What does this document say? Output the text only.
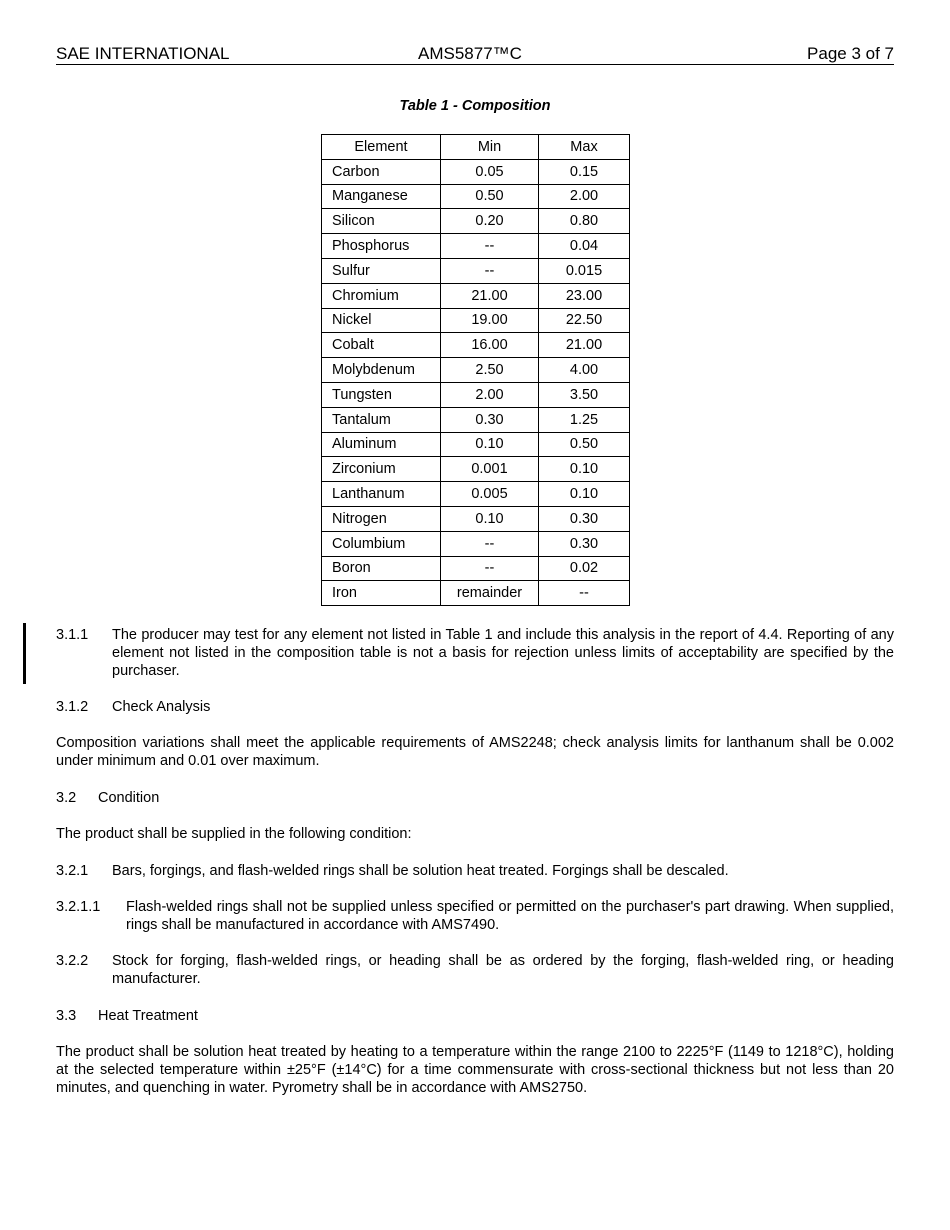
SAE INTERNATIONAL	AMS5877™C	Page 3 of 7
Table 1 - Composition
Element	Min	Max
Carbon	0.05	0.15
Manganese	0.50	2.00
Silicon	0.20	0.80
Phosphorus	--	0.04
Sulfur	--	0.015
Chromium	21.00	23.00
Nickel	19.00	22.50
Cobalt	16.00	21.00
Molybdenum	2.50	4.00
Tungsten	2.00	3.50
Tantalum	0.30	1.25
Aluminum	0.10	0.50
Zirconium	0.001	0.10
Lanthanum	0.005	0.10
Nitrogen	0.10	0.30
Columbium	--	0.30
Boron	--	0.02
Iron	remainder	--
3.1.1 The producer may test for any element not listed in Table 1 and include this analysis in the report of 4.4. Reporting of any element not listed in the composition table is not a basis for rejection unless limits of acceptability are specified by the purchaser.
3.1.2 Check Analysis
Composition variations shall meet the applicable requirements of AMS2248; check analysis limits for lanthanum shall be 0.002 under minimum and 0.01 over maximum.
3.2 Condition
The product shall be supplied in the following condition:
3.2.1 Bars, forgings, and flash-welded rings shall be solution heat treated. Forgings shall be descaled.
3.2.1.1 Flash-welded rings shall not be supplied unless specified or permitted on the purchaser's part drawing. When supplied, rings shall be manufactured in accordance with AMS7490.
3.2.2 Stock for forging, flash-welded rings, or heading shall be as ordered by the forging, flash-welded ring, or heading manufacturer.
3.3 Heat Treatment
The product shall be solution heat treated by heating to a temperature within the range 2100 to 2225°F (1149 to 1218°C), holding at the selected temperature within ±25°F (±14°C) for a time commensurate with cross-sectional thickness but not less than 20 minutes, and quenching in water. Pyrometry shall be in accordance with AMS2750.
